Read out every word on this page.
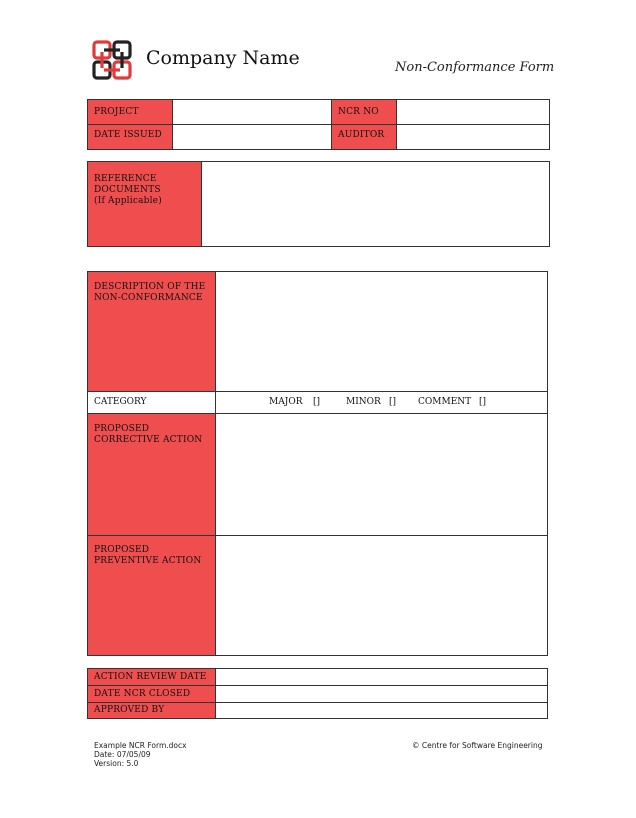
Company Name	Non-Conformance Form
PROJECT	NCR NO
DATE ISSUED	AUDITOR
REFERENCE
DOCUMENTS
(If Applicable)
DESCRIPTION OF THE
NON-CONFORMANCE
CATEGORY	MAJOR []	MINOR [] COMMENT []
PROPOSED
CORRECTIVE ACTION
PROPOSED
PREVENTIVE ACTION
ACTION REVIEW DATE
DATE NCR CLOSED
APPROVED BY
Example NCR Form.docx
Date: 07/05/09
Version: 5.0
© Centre for Software Engineering
